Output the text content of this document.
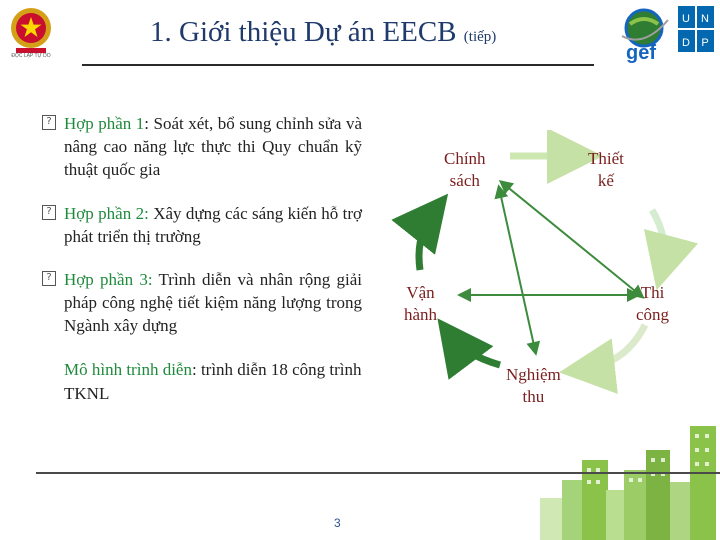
ĐỘC LẬP TỰ DO
1. Giới thiệu Dự án EECB (tiếp)
gef
U N
D P
? Hợp phần 1: Soát xét, bổ sung chỉnh sửa và nâng cao năng lực thực thi Quy chuẩn kỹ thuật quốc gia
? Hợp phần 2: Xây dựng các sáng kiến hỗ trợ phát triển thị trường
? Hợp phần 3: Trình diễn và nhân rộng giải pháp công nghệ tiết kiệm năng lượng trong Ngành xây dựng
Mô hình trình diễn: trình diễn 18 công trình TKNL
Chính
sách
Thiết
kế
Thi
công
Nghiệm
thu
Vận
hành
3
